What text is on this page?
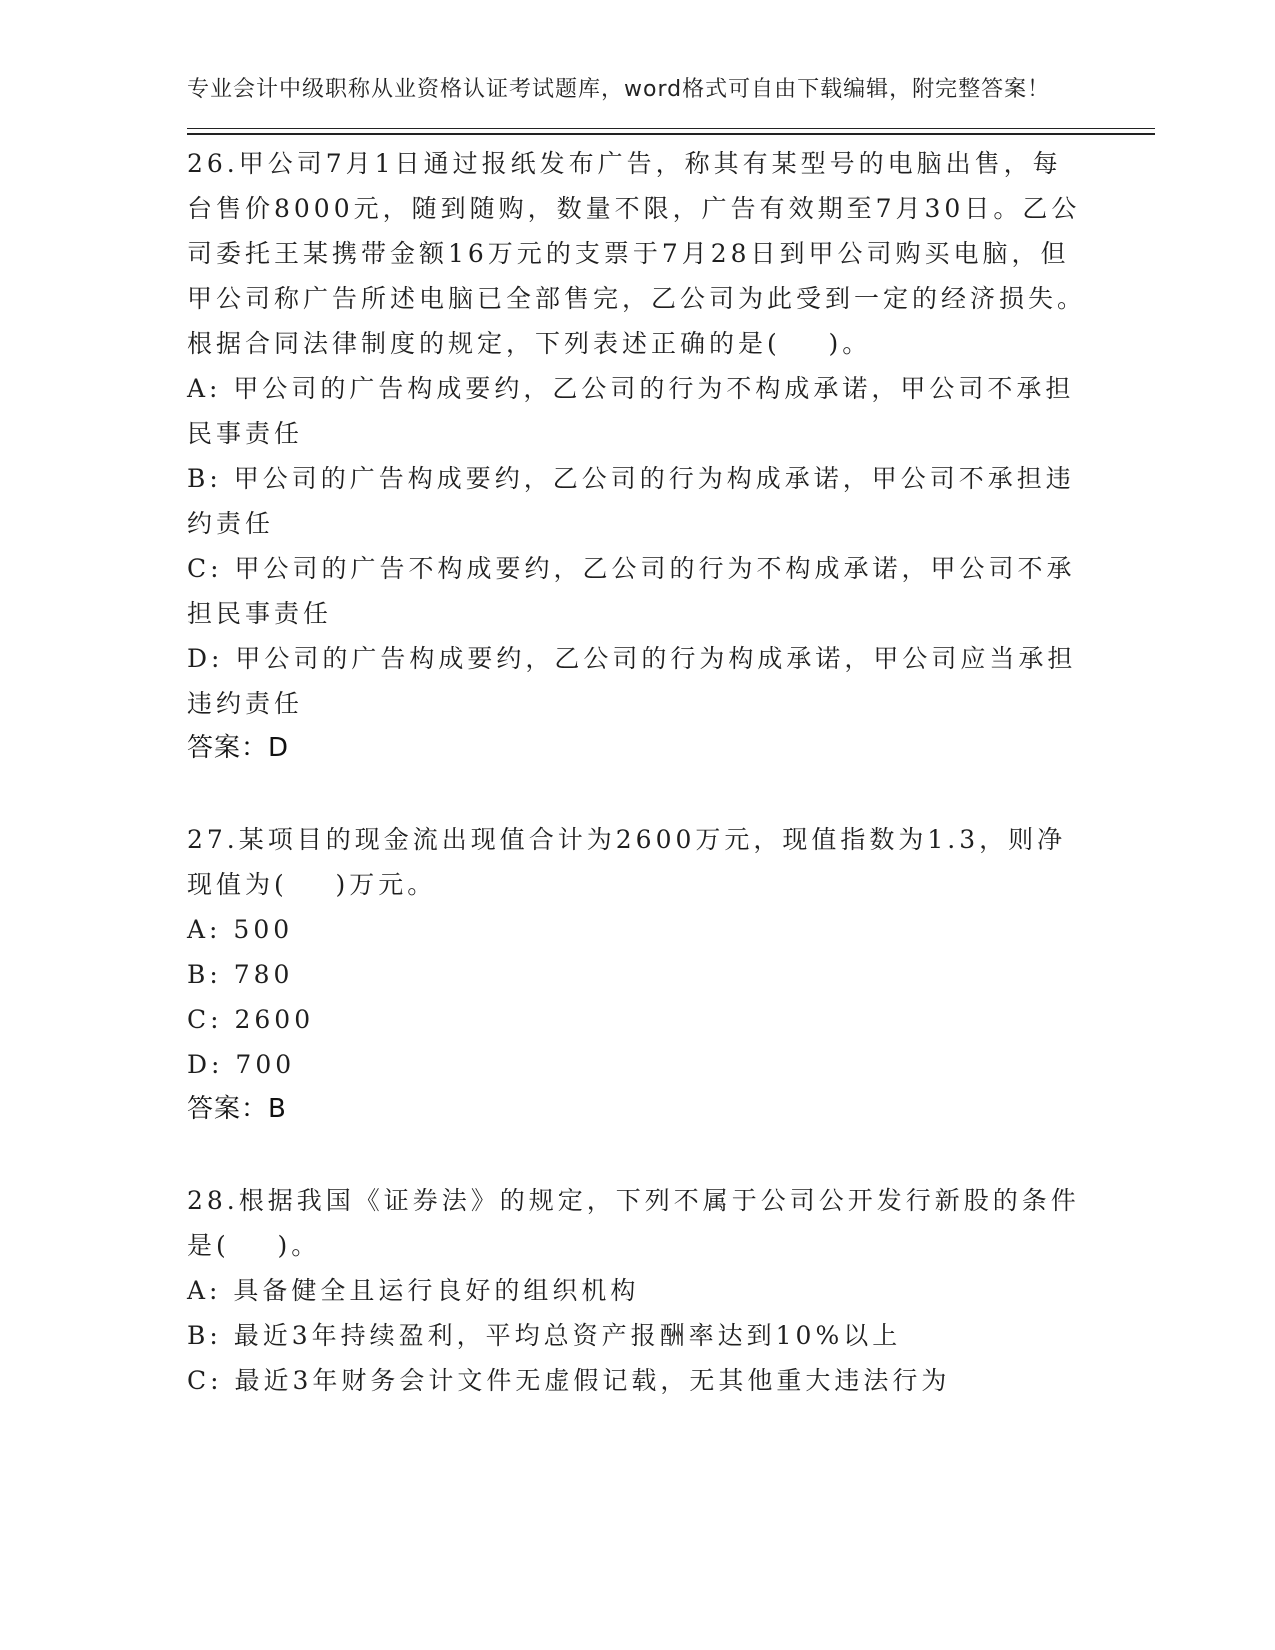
专业会计中级职称从业资格认证考试题库，word格式可自由下载编辑，附完整答案！
26.甲公司7月1日通过报纸发布广告，称其有某型号的电脑出售，每台售价8000元，随到随购，数量不限，广告有效期至7月30日。乙公司委托王某携带金额16万元的支票于7月28日到甲公司购买电脑，但甲公司称广告所述电脑已全部售完，乙公司为此受到一定的经济损失。根据合同法律制度的规定，下列表述正确的是(    )。
A: 甲公司的广告构成要约，乙公司的行为不构成承诺，甲公司不承担民事责任
B: 甲公司的广告构成要约，乙公司的行为构成承诺，甲公司不承担违约责任
C: 甲公司的广告不构成要约，乙公司的行为不构成承诺，甲公司不承担民事责任
D: 甲公司的广告构成要约，乙公司的行为构成承诺，甲公司应当承担违约责任
答案：D
27.某项目的现金流出现值合计为2600万元，现值指数为1.3，则净现值为(    )万元。
A: 500
B: 780
C: 2600
D: 700
答案：B
28.根据我国《证券法》的规定，下列不属于公司公开发行新股的条件是(    )。
A: 具备健全且运行良好的组织机构
B: 最近3年持续盈利，平均总资产报酬率达到10%以上
C: 最近3年财务会计文件无虚假记载，无其他重大违法行为
